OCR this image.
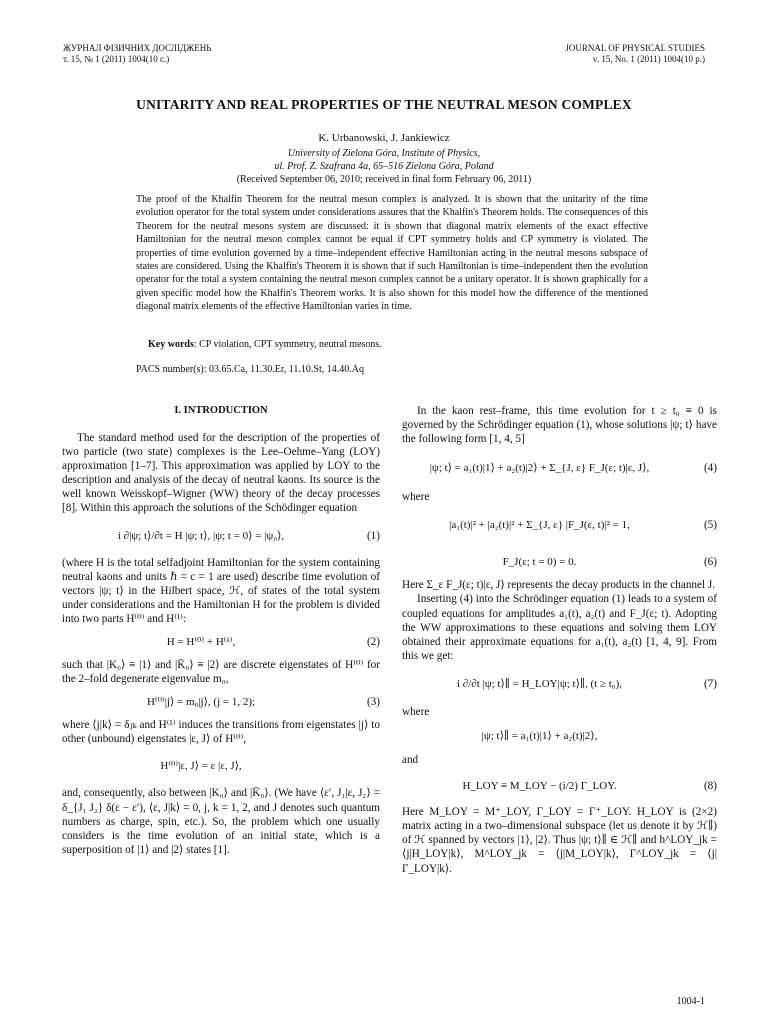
ЖУРНАЛ ФІЗИЧНИХ ДОСЛІДЖЕНЬ
т. 15, № 1 (2011) 1004(10 с.)
JOURNAL OF PHYSICAL STUDIES
v. 15, No. 1 (2011) 1004(10 p.)
UNITARITY AND REAL PROPERTIES OF THE NEUTRAL MESON COMPLEX
K. Urbanowski, J. Jankiewicz
University of Zielona Góra, Institute of Physics,
ul. Prof. Z. Szafrana 4a, 65–516 Zielona Góra, Poland
(Received September 06, 2010; received in final form February 06, 2011)
The proof of the Khalfin Theorem for the neutral meson complex is analyzed. It is shown that the unitarity of the time evolution operator for the total system under considerations assures that the Khalfin's Theorem holds. The consequences of this Theorem for the neutral mesons system are discussed: it is shown that diagonal matrix elements of the exact effective Hamiltonian for the neutral meson complex cannot be equal if CPT symmetry holds and CP symmetry is violated. The properties of time evolution governed by a time–independent effective Hamiltonian acting in the neutral mesons subspace of states are considered. Using the Khalfin's Theorem it is shown that if such Hamiltonian is time–independent then the evolution operator for the total a system containing the neutral meson complex cannot be a unitary operator. It is shown graphically for a given specific model how the Khalfin's Theorem works. It is also shown for this model how the difference of the mentioned diagonal matrix elements of the effective Hamiltonian varies in time.
Key words: CP violation, CPT symmetry, neutral mesons.
PACS number(s): 03.65.Ca, 11.30.Er, 11.10.St, 14.40.Aq
I. INTRODUCTION

The standard method used for the description of the properties of two particle (two state) complexes is the Lee–Oehme–Yang (LOY) approximation [1–7]. This approximation was applied by LOY to the description and analysis of the decay of neutral kaons. Its source is the well known Weisskopf–Wigner (WW) theory of the decay processes [8]. Within this approach the solutions of the Schödinger equation

i ∂|ψ; t⟩/∂t = H |ψ; t⟩, |ψ; t = 0⟩ = |ψ₀⟩,	(1)

(where H is the total selfadjoint Hamiltonian for the system containing neutral kaons and units ℏ = c = 1 are used) describe time evolution of vectors |ψ; t⟩ in the Hilbert space, ℋ, of states of the total system under considerations and the Hamiltonian H for the problem is divided into two parts H⁽⁰⁾ and H⁽¹⁾:

H = H⁽⁰⁾ + H⁽¹⁾,	(2)

such that |K₀⟩ ≡ |1⟩ and |K̄₀⟩ ≡ |2⟩ are discrete eigenstates of H⁽⁰⁾ for the 2–fold degenerate eigenvalue m₀,

H⁽⁰⁾|j⟩ = m₀|j⟩, (j = 1, 2);	(3)

where ⟨j|k⟩ = δⱼₖ and H⁽¹⁾ induces the transitions from eigenstates |j⟩ to other (unbound) eigenstates |ε, J⟩ of H⁽⁰⁾,

H⁽⁰⁾|ε, J⟩ = ε |ε, J⟩,

and, consequently, also between |K₀⟩ and |K̄₀⟩. (We have ⟨ε′, J₁|ε, J₂⟩ = δ_{J₁ J₂} δ(ε − ε′), ⟨ε, J|k⟩ = 0, j, k = 1, 2, and J denotes such quantum numbers as charge, spin, etc.). So, the problem which one usually considers is the time evolution of an initial state, which is a superposition of |1⟩ and |2⟩ states [1].

In the kaon rest–frame, this time evolution for t ≥ t₀ ≡ 0 is governed by the Schrödinger equation (1), whose solutions |ψ; t⟩ have the following form [1, 4, 5]

|ψ; t⟩ = a₁(t)|1⟩ + a₂(t)|2⟩ + Σ_{J, ε} F_J(ε; t)|ε, J⟩,	(4)

where

|a₁(t)|² + |a₂(t)|² + Σ_{J, ε} |F_J(ε, t)|² = 1,	(5)
F_J(ε; t = 0) = 0.	(6)

Here Σ_ε F_J(ε; t)|ε, J⟩ represents the decay products in the channel J.

Inserting (4) into the Schrödinger equation (1) leads to a system of coupled equations for amplitudes a₁(t), a₂(t) and F_J(ε; t). Adopting the WW approximations to these equations and solving them LOY obtained their approximate equations for a₁(t), a₂(t) [1, 4, 9]. From this we get:

i ∂/∂t |ψ; t⟩∥ = H_LOY|ψ; t⟩∥, (t ≥ t₀),	(7)

where

|ψ; t⟩∥ = a₁(t)|1⟩ + a₂(t)|2⟩,

and

H_LOY ≡ M_LOY − (i/2) Γ_LOY.	(8)

Here M_LOY = M⁺_LOY, Γ_LOY = Γ⁺_LOY. H_LOY is (2×2) matrix acting in a two–dimensional subspace (let us denote it by ℋ∥) of ℋ spanned by vectors |1⟩, |2⟩. Thus |ψ; t⟩∥ ∈ ℋ∥ and h^LOY_jk = ⟨j|H_LOY|k⟩, M^LOY_jk = ⟨j|M_LOY|k⟩, Γ^LOY_jk = ⟨j|Γ_LOY|k⟩.

1004-1
